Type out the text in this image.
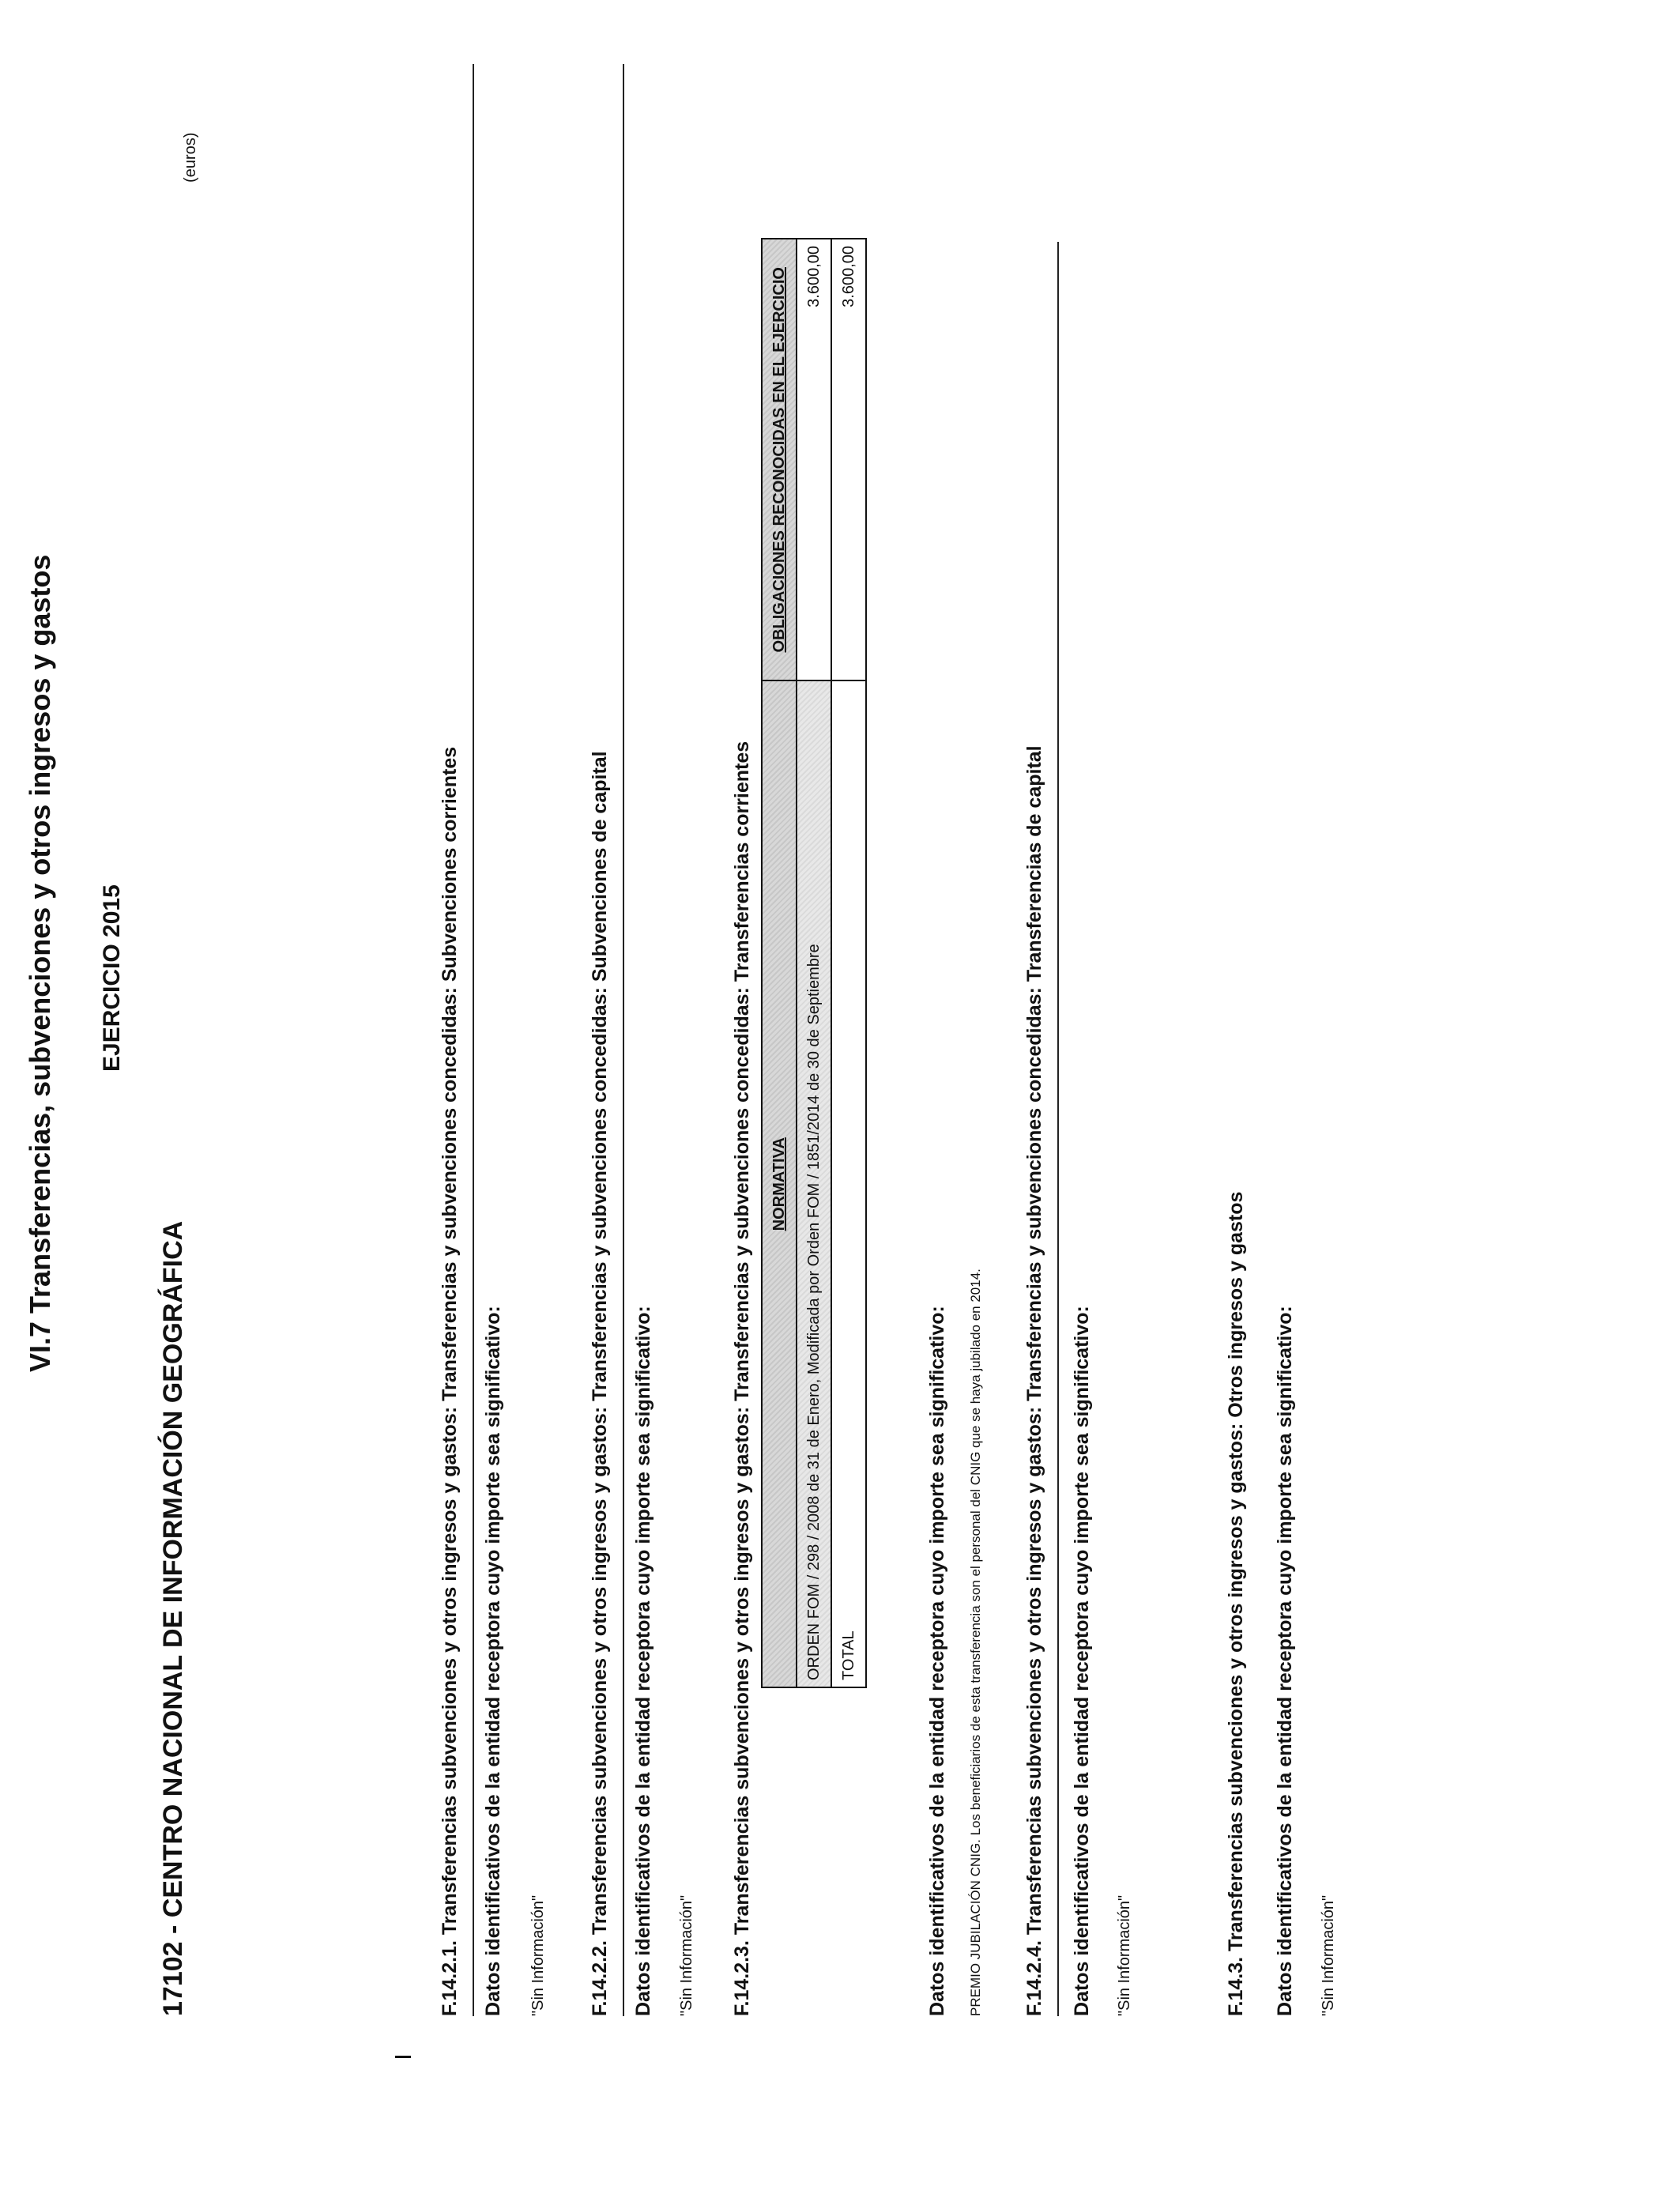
VI.7 Transferencias, subvenciones y otros ingresos y gastos EJERCICIO 2015
17102 - CENTRO NACIONAL DE INFORMACIÓN GEOGRÁFICA
(euros)
F.14.2.1. Transferencias subvenciones y otros ingresos y gastos: Transferencias y subvenciones concedidas: Subvenciones corrientes Datos identificativos de la entidad receptora cuyo importe sea significativo: "Sin Información" F.14.2.2. Transferencias subvenciones y otros ingresos y gastos: Transferencias y subvenciones concedidas: Subvenciones de capital Datos identificativos de la entidad receptora cuyo importe sea significativo: "Sin Información" F.14.2.3. Transferencias subvenciones y otros ingresos y gastos: Transferencias y subvenciones concedidas: Transferencias corrientes NORMATIVA	OBLIGACIONES RECONOCIDAS EN EL EJERCICIO
ORDEN FOM / 298 / 2008 de 31 de Enero, Modificada por Orden FOM / 1851/2014 de 30 de Septiembre	3.600,00
TOTAL	3.600,00
Datos identificativos de la entidad receptora cuyo importe sea significativo: PREMIO JUBILACIÓN CNIG. Los beneficiarios de esta transferencia son el personal del CNIG que se haya jubilado en 2014. F.14.2.4. Transferencias subvenciones y otros ingresos y gastos: Transferencias y subvenciones concedidas: Transferencias de capital Datos identificativos de la entidad receptora cuyo importe sea significativo: "Sin Información"	F.14.3. Transferencias subvenciones y otros ingresos y gastos: Otros ingresos y gastos Datos identificativos de la entidad receptora cuyo importe sea significativo: "Sin Información"
